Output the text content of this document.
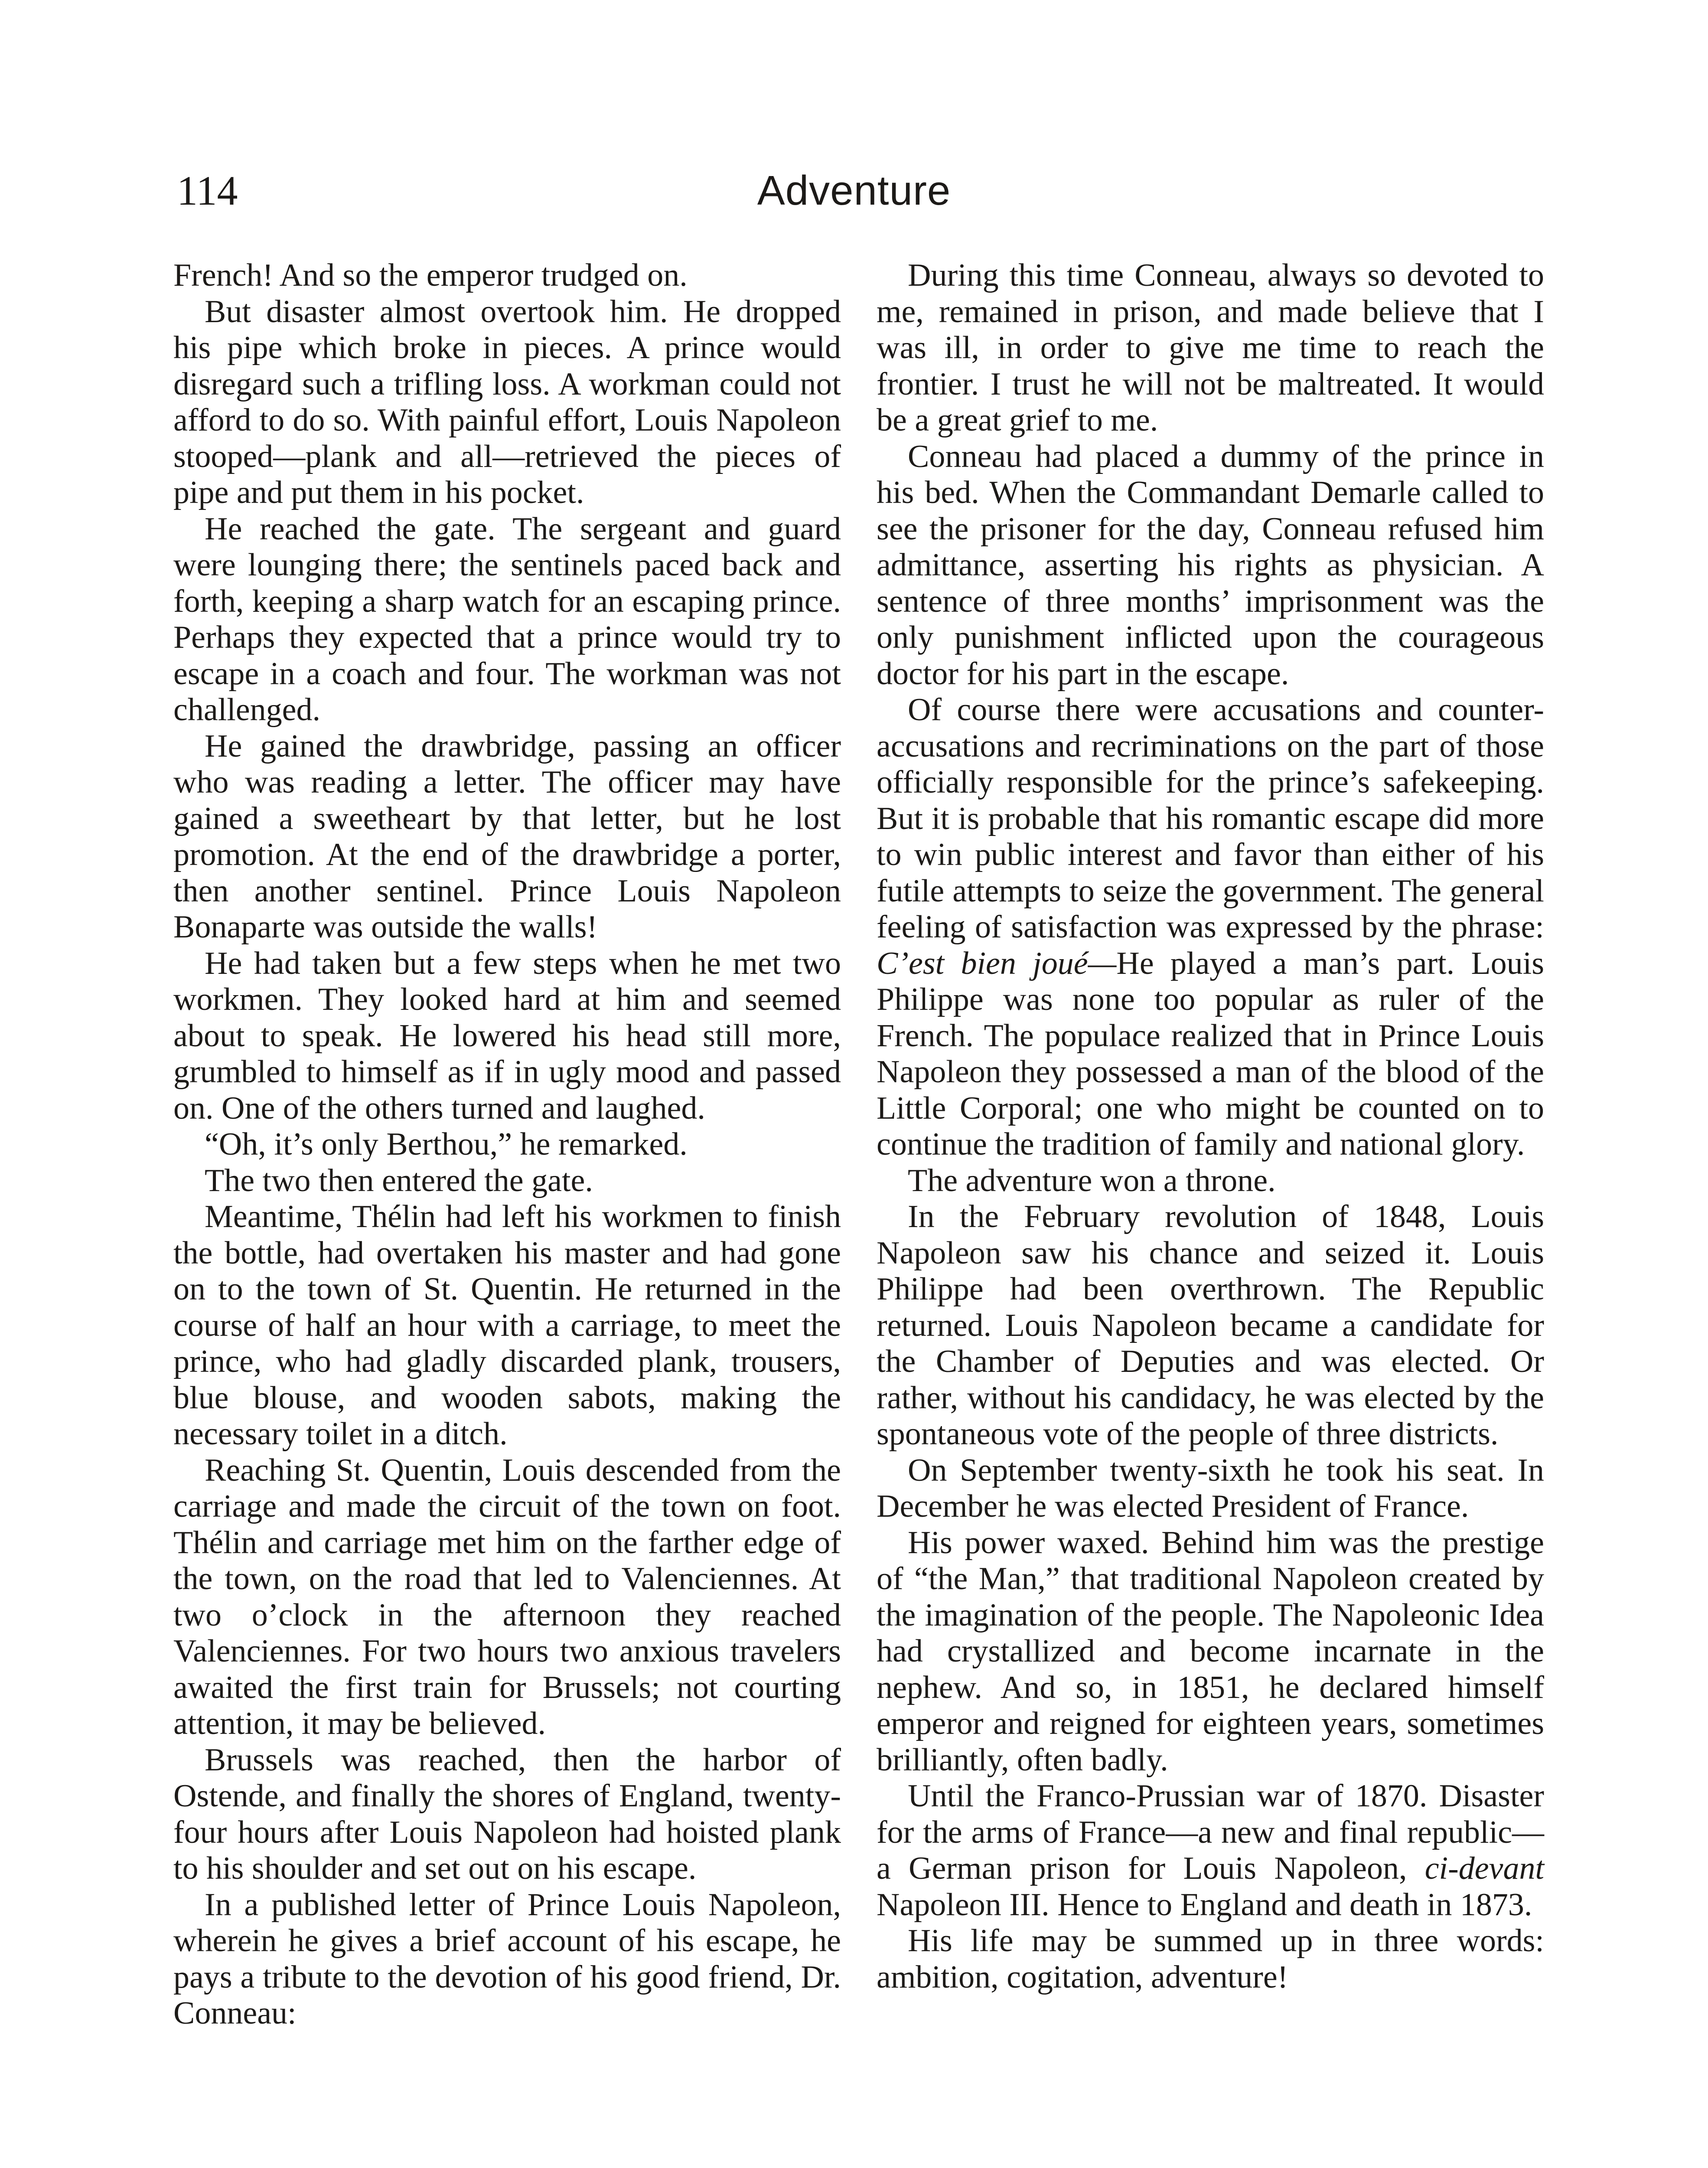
114	Adventure

French! And so the emperor trudged on.

But disaster almost overtook him. He dropped his pipe which broke in pieces. A prince would disregard such a trifling loss. A workman could not afford to do so. With painful effort, Louis Napoleon stooped—plank and all—retrieved the pieces of pipe and put them in his pocket.

He reached the gate. The sergeant and guard were lounging there; the sentinels paced back and forth, keeping a sharp watch for an escaping prince. Perhaps they expected that a prince would try to escape in a coach and four. The workman was not challenged.

He gained the drawbridge, passing an officer who was reading a letter. The officer may have gained a sweetheart by that letter, but he lost promotion. At the end of the drawbridge a porter, then another sentinel. Prince Louis Napoleon Bonaparte was outside the walls!

He had taken but a few steps when he met two workmen. They looked hard at him and seemed about to speak. He lowered his head still more, grumbled to himself as if in ugly mood and passed on. One of the others turned and laughed.

“Oh, it’s only Berthou,” he remarked.

The two then entered the gate.

Meantime, Thélin had left his workmen to finish the bottle, had overtaken his master and had gone on to the town of St. Quentin. He returned in the course of half an hour with a carriage, to meet the prince, who had gladly discarded plank, trousers, blue blouse, and wooden sabots, making the necessary toilet in a ditch.

Reaching St. Quentin, Louis descended from the carriage and made the circuit of the town on foot. Thélin and carriage met him on the farther edge of the town, on the road that led to Valenciennes. At two o’clock in the afternoon they reached Valenciennes. For two hours two anxious travelers awaited the first train for Brussels; not courting attention, it may be believed.

Brussels was reached, then the harbor of Ostende, and finally the shores of England, twenty-four hours after Louis Napoleon had hoisted plank to his shoulder and set out on his escape.

In a published letter of Prince Louis Napoleon, wherein he gives a brief account of his escape, he pays a tribute to the devotion of his good friend, Dr. Conneau:

During this time Conneau, always so devoted to me, remained in prison, and made believe that I was ill, in order to give me time to reach the frontier. I trust he will not be maltreated. It would be a great grief to me.

Conneau had placed a dummy of the prince in his bed. When the Commandant Demarle called to see the prisoner for the day, Conneau refused him admittance, asserting his rights as physician. A sentence of three months’ imprisonment was the only punishment inflicted upon the courageous doctor for his part in the escape.

Of course there were accusations and counter-accusations and recriminations on the part of those officially responsible for the prince’s safekeeping. But it is probable that his romantic escape did more to win public interest and favor than either of his futile attempts to seize the government. The general feeling of satisfaction was expressed by the phrase: C’est bien joué—He played a man’s part. Louis Philippe was none too popular as ruler of the French. The populace realized that in Prince Louis Napoleon they possessed a man of the blood of the Little Corporal; one who might be counted on to continue the tradition of family and national glory.

The adventure won a throne.

In the February revolution of 1848, Louis Napoleon saw his chance and seized it. Louis Philippe had been overthrown. The Republic returned. Louis Napoleon became a candidate for the Chamber of Deputies and was elected. Or rather, without his candidacy, he was elected by the spontaneous vote of the people of three districts.

On September twenty-sixth he took his seat. In December he was elected President of France.

His power waxed. Behind him was the prestige of “the Man,” that traditional Napoleon created by the imagination of the people. The Napoleonic Idea had crystallized and become incarnate in the nephew. And so, in 1851, he declared himself emperor and reigned for eighteen years, sometimes brilliantly, often badly.

Until the Franco-Prussian war of 1870. Disaster for the arms of France—a new and final republic—a German prison for Louis Napoleon, ci-devant Napoleon III. Hence to England and death in 1873.

His life may be summed up in three words: ambition, cogitation, adventure!
